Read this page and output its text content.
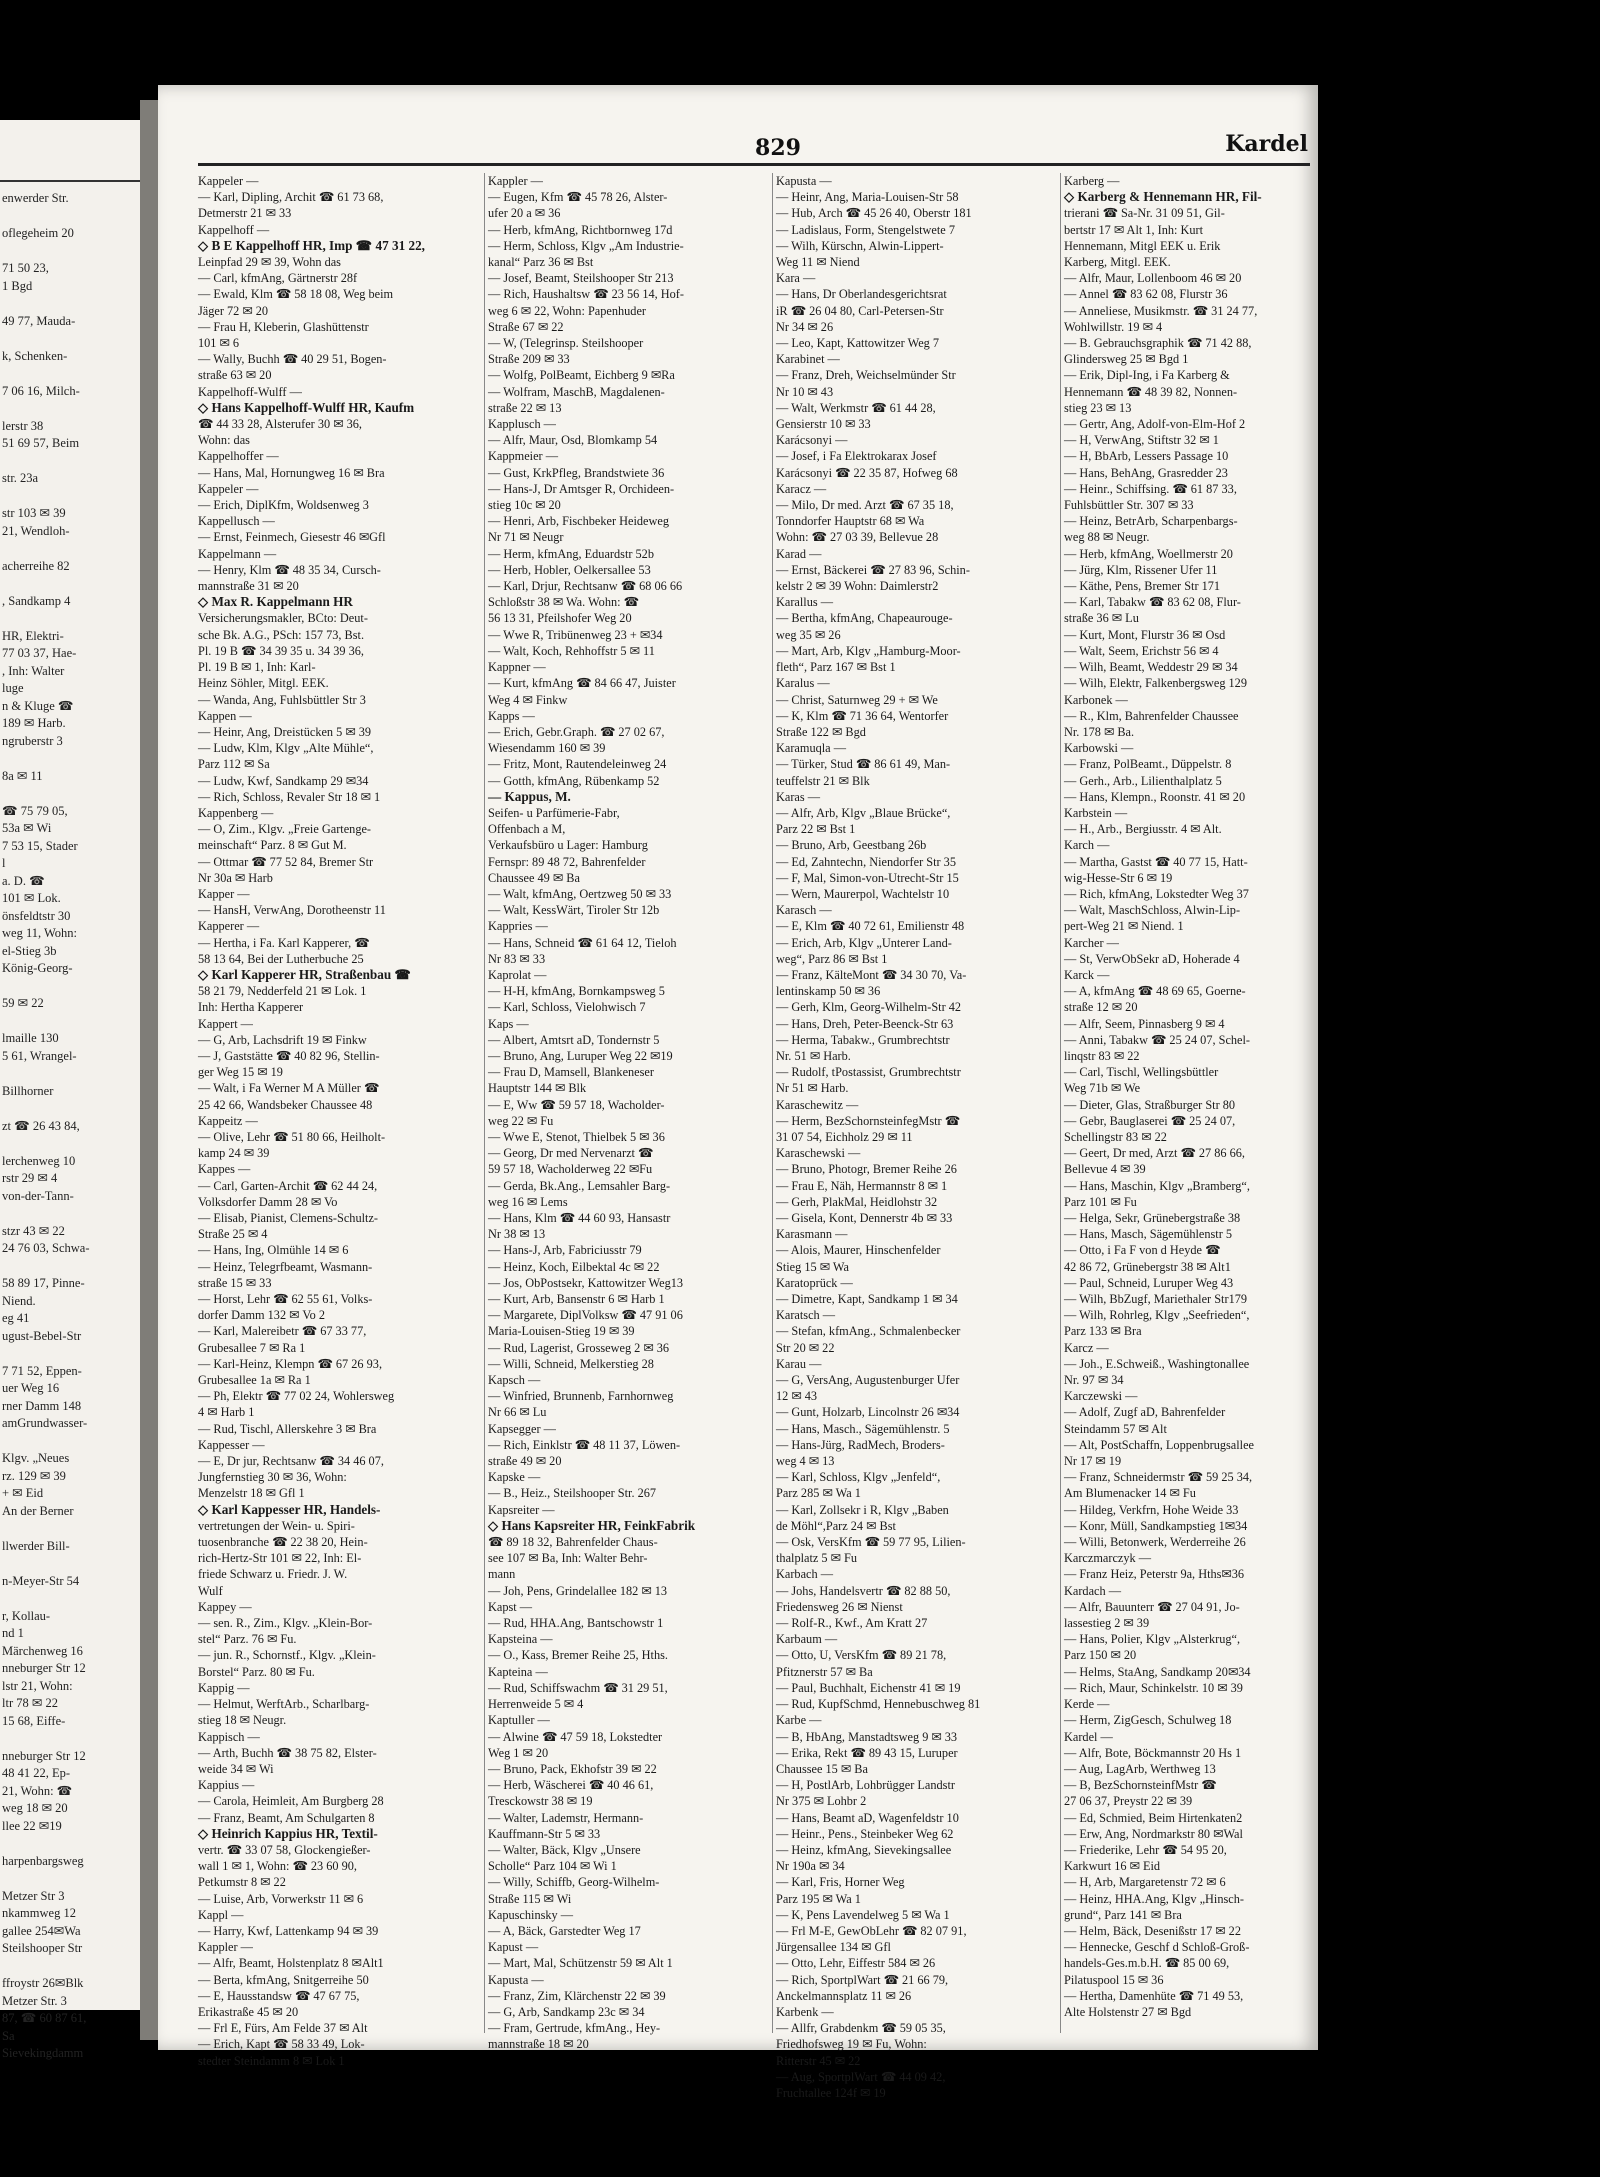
enwerder Str.

oflegeheim 20

71 50 23,
1 Bgd

49 77, Mauda-

k, Schenken-

7 06 16, Milch-

lerstr 38
51 69 57, Beim

str. 23a

str 103 ✉ 39
21, Wendloh-

acherreihe 82

, Sandkamp 4

HR, Elektri-
77 03 37, Hae-
, Inh: Walter
luge
n & Kluge ☎
189 ✉ Harb.
ngruberstr 3

8a ✉ 11

☎ 75 79 05,
53a ✉ Wi
7 53 15, Stader
l
a. D. ☎
101 ✉ Lok.
önsfeldtstr 30
weg 11, Wohn:
el-Stieg 3b
König-Georg-

59 ✉ 22

lmaille 130
5 61, Wrangel-

Billhorner

zt ☎ 26 43 84,

lerchenweg 10
rstr 29 ✉ 4
von-der-Tann-

stzr 43 ✉ 22
24 76 03, Schwa-

58 89 17, Pinne-
Niend.
eg 41
ugust-Bebel-Str

7 71 52, Eppen-
uer Weg 16
rner Damm 148
amGrundwasser-

Klgv. „Neues
rz. 129 ✉ 39
+ ✉ Eid
An der Berner

llwerder Bill-

n-Meyer-Str 54

r, Kollau-
nd 1
Märchenweg 16
nneburger Str 12
lstr 21, Wohn:
ltr 78 ✉ 22
15 68, Eiffe-

nneburger Str 12
48 41 22, Ep-
21, Wohn: ☎
weg 18 ✉ 20
llee 22 ✉19

harpenbargsweg

Metzer Str 3
nkammweg 12
gallee 254✉Wa
Steilshooper Str

ffroystr 26✉Blk
Metzer Str. 3
87, ☎ 60 87 61,
Sa
Sievekingdamm
829	Kardel
Kappeler —
— Karl, Dipling, Archit ☎ 61 73 68,
Detmerstr 21 ✉ 33
Kappelhoff —
◇ B E Kappelhoff HR, Imp ☎ 47 31 22,
Leinpfad 29 ✉ 39, Wohn das
— Carl, kfmAng, Gärtnerstr 28f
— Ewald, Klm ☎ 58 18 08, Weg beim
Jäger 72 ✉ 20
— Frau H, Kleberin, Glashüttenstr
101 ✉ 6
— Wally, Buchh ☎ 40 29 51, Bogen-
straße 63 ✉ 20
Kappelhoff-Wulff —
◇ Hans Kappelhoff-Wulff HR, Kaufm
☎ 44 33 28, Alsterufer 30 ✉ 36,
Wohn: das
Kappelhoffer —
— Hans, Mal, Hornungweg 16 ✉ Bra
Kappeler —
— Erich, DiplKfm, Woldsenweg 3
Kappellusch —
— Ernst, Feinmech, Giesestr 46 ✉Gfl
Kappelmann —
— Henry, Klm ☎ 48 35 34, Cursch-
mannstraße 31 ✉ 20
◇ Max R. Kappelmann HR
Versicherungsmakler, BCto: Deut-
sche Bk. A.G., PSch: 157 73, Bst.
Pl. 19 B ☎ 34 39 35 u. 34 39 36,
Pl. 19 B ✉ 1, Inh: Karl-
Heinz Söhler, Mitgl. EEK.
— Wanda, Ang, Fuhlsbüttler Str 3
Kappen —
— Heinr, Ang, Dreistücken 5 ✉ 39
— Ludw, Klm, Klgv „Alte Mühle“,
Parz 112 ✉ Sa
— Ludw, Kwf, Sandkamp 29 ✉34
— Rich, Schloss, Revaler Str 18 ✉ 1
Kappenberg —
— O, Zim., Klgv. „Freie Gartenge-
meinschaft“ Parz. 8 ✉ Gut M.
— Ottmar ☎ 77 52 84, Bremer Str
Nr 30a ✉ Harb
Kapper —
— HansH, VerwAng, Dorotheenstr 11
Kapperer —
— Hertha, i Fa. Karl Kapperer, ☎
58 13 64, Bei der Lutherbuche 25
◇ Karl Kapperer HR, Straßenbau ☎
58 21 79, Nedderfeld 21 ✉ Lok. 1
Inh: Hertha Kapperer
Kappert —
— G, Arb, Lachsdrift 19 ✉ Finkw
— J, Gaststätte ☎ 40 82 96, Stellin-
ger Weg 15 ✉ 19
— Walt, i Fa Werner M A Müller ☎
25 42 66, Wandsbeker Chaussee 48
Kappeitz —
— Olive, Lehr ☎ 51 80 66, Heilholt-
kamp 24 ✉ 39
Kappes —
— Carl, Garten-Archit ☎ 62 44 24,
Volksdorfer Damm 28 ✉ Vo
— Elisab, Pianist, Clemens-Schultz-
Straße 25 ✉ 4
— Hans, Ing, Olmühle 14 ✉ 6
— Heinz, Telegrfbeamt, Wasmann-
straße 15 ✉ 33
— Horst, Lehr ☎ 62 55 61, Volks-
dorfer Damm 132 ✉ Vo 2
— Karl, Malereibetr ☎ 67 33 77,
Grubesallee 7 ✉ Ra 1
— Karl-Heinz, Klempn ☎ 67 26 93,
Grubesallee 1a ✉ Ra 1
— Ph, Elektr ☎ 77 02 24, Wohlersweg
4 ✉ Harb 1
— Rud, Tischl, Allerskehre 3 ✉ Bra
Kappesser —
— E, Dr jur, Rechtsanw ☎ 34 46 07,
Jungfernstieg 30 ✉ 36, Wohn:
Menzelstr 18 ✉ Gfl 1
◇ Karl Kappesser HR, Handels-
vertretungen der Wein- u. Spiri-
tuosenbranche ☎ 22 38 20, Hein-
rich-Hertz-Str 101 ✉ 22, Inh: El-
friede Schwarz u. Friedr. J. W.
Wulf
Kappey —
— sen. R., Zim., Klgv. „Klein-Bor-
stel“ Parz. 76 ✉ Fu.
— jun. R., Schornstf., Klgv. „Klein-
Borstel“ Parz. 80 ✉ Fu.
Kappig —
— Helmut, WerftArb., Scharlbarg-
stieg 18 ✉ Neugr.
Kappisch —
— Arth, Buchh ☎ 38 75 82, Elster-
weide 34 ✉ Wi
Kappius —
— Carola, Heimleit, Am Burgberg 28
— Franz, Beamt, Am Schulgarten 8
◇ Heinrich Kappius HR, Textil-
vertr. ☎ 33 07 58, Glockengießer-
wall 1 ✉ 1, Wohn: ☎ 23 60 90,
Petkumstr 8 ✉ 22
— Luise, Arb, Vorwerkstr 11 ✉ 6
Kappl —
— Harry, Kwf, Lattenkamp 94 ✉ 39
Kappler —
— Alfr, Beamt, Holstenplatz 8 ✉Alt1
— Berta, kfmAng, Snitgerreihe 50
— E, Hausstandsw ☎ 47 67 75,
Erikastraße 45 ✉ 20
— Frl E, Fürs, Am Felde 37 ✉ Alt
— Erich, Kapt ☎ 58 33 49, Lok-
stedter Steindamm 8 ✉ Lok 1
Kappler —
— Eugen, Kfm ☎ 45 78 26, Alster-
ufer 20 a ✉ 36
— Herb, kfmAng, Richtbornweg 17d
— Herm, Schloss, Klgv „Am Industrie-
kanal“ Parz 36 ✉ Bst
— Josef, Beamt, Steilshooper Str 213
— Rich, Haushaltsw ☎ 23 56 14, Hof-
weg 6 ✉ 22, Wohn: Papenhuder
Straße 67 ✉ 22
— W, (Telegrinsp. Steilshooper
Straße 209 ✉ 33
— Wolfg, PolBeamt, Eichberg 9 ✉Ra
— Wolfram, MaschB, Magdalenen-
straße 22 ✉ 13
Kapplusch —
— Alfr, Maur, Osd, Blomkamp 54
Kappmeier —
— Gust, KrkPfleg, Brandstwiete 36
— Hans-J, Dr Amtsger R, Orchideen-
stieg 10c ✉ 20
— Henri, Arb, Fischbeker Heideweg
Nr 71 ✉ Neugr
— Herm, kfmAng, Eduardstr 52b
— Herb, Hobler, Oelkersallee 53
— Karl, Drjur, Rechtsanw ☎ 68 06 66
Schloßstr 38 ✉ Wa. Wohn: ☎
56 13 31, Pfeilshofer Weg 20
— Wwe R, Tribünenweg 23 + ✉34
— Walt, Koch, Rehhoffstr 5 ✉ 11
Kappner —
— Kurt, kfmAng ☎ 84 66 47, Juister
Weg 4 ✉ Finkw
Kapps —
— Erich, Gebr.Graph. ☎ 27 02 67,
Wiesendamm 160 ✉ 39
— Fritz, Mont, Rautendeleinweg 24
— Gotth, kfmAng, Rübenkamp 52
— Kappus, M.
Seifen- u Parfümerie-Fabr,
Offenbach a M,
Verkaufsbüro u Lager: Hamburg
Fernspr: 89 48 72, Bahrenfelder
Chaussee 49 ✉ Ba
— Walt, kfmAng, Oertzweg 50 ✉ 33
— Walt, KessWärt, Tiroler Str 12b
Kappries —
— Hans, Schneid ☎ 61 64 12, Tieloh
Nr 83 ✉ 33
Kaprolat —
— H-H, kfmAng, Bornkampsweg 5
— Karl, Schloss, Vielohwisch 7
Kaps —
— Albert, Amtsrt aD, Tondernstr 5
— Bruno, Ang, Luruper Weg 22 ✉19
— Frau D, Mamsell, Blankeneser
Hauptstr 144 ✉ Blk
— E, Ww ☎ 59 57 18, Wacholder-
weg 22 ✉ Fu
— Wwe E, Stenot, Thielbek 5 ✉ 36
— Georg, Dr med Nervenarzt ☎
59 57 18, Wacholderweg 22 ✉Fu
— Gerda, Bk.Ang., Lemsahler Barg-
weg 16 ✉ Lems
— Hans, Klm ☎ 44 60 93, Hansastr
Nr 38 ✉ 13
— Hans-J, Arb, Fabriciusstr 79
— Heinz, Koch, Eilbektal 4c ✉ 22
— Jos, ObPostsekr, Kattowitzer Weg13
— Kurt, Arb, Bansenstr 6 ✉ Harb 1
— Margarete, DiplVolksw ☎ 47 91 06
Maria-Louisen-Stieg 19 ✉ 39
— Rud, Lagerist, Grosseweg 2 ✉ 36
— Willi, Schneid, Melkerstieg 28
Kapsch —
— Winfried, Brunnenb, Farnhornweg
Nr 66 ✉ Lu
Kapsegger —
— Rich, Einklstr ☎ 48 11 37, Löwen-
straße 49 ✉ 20
Kapske —
— B., Heiz., Steilshooper Str. 267
Kapsreiter —
◇ Hans Kapsreiter HR, FeinkFabrik
☎ 89 18 32, Bahrenfelder Chaus-
see 107 ✉ Ba, Inh: Walter Behr-
mann
— Joh, Pens, Grindelallee 182 ✉ 13
Kapst —
— Rud, HHA.Ang, Bantschowstr 1
Kapsteina —
— O., Kass, Bremer Reihe 25, Hths.
Kapteina —
— Rud, Schiffswachm ☎ 31 29 51,
Herrenweide 5 ✉ 4
Kaptuller —
— Alwine ☎ 47 59 18, Lokstedter
Weg 1 ✉ 20
— Bruno, Pack, Ekhofstr 39 ✉ 22
— Herb, Wäscherei ☎ 40 46 61,
Tresckowstr 38 ✉ 19
— Walter, Lademstr, Hermann-
Kauffmann-Str 5 ✉ 33
— Walter, Bäck, Klgv „Unsere
Scholle“ Parz 104 ✉ Wi 1
— Willy, Schiffb, Georg-Wilhelm-
Straße 115 ✉ Wi
Kapuschinsky —
— A, Bäck, Garstedter Weg 17
Kapust —
— Mart, Mal, Schützenstr 59 ✉ Alt 1
Kapusta —
— Franz, Zim, Klärchenstr 22 ✉ 39
— G, Arb, Sandkamp 23c ✉ 34
— Fram, Gertrude, kfmAng., Hey-
mannstraße 18 ✉ 20
Kapusta —
— Heinr, Ang, Maria-Louisen-Str 58
— Hub, Arch ☎ 45 26 40, Oberstr 181
— Ladislaus, Form, Stengelstwete 7
— Wilh, Kürschn, Alwin-Lippert-
Weg 11 ✉ Niend
Kara —
— Hans, Dr Oberlandesgerichtsrat
iR ☎ 26 04 80, Carl-Petersen-Str
Nr 34 ✉ 26
— Leo, Kapt, Kattowitzer Weg 7
Karabinet —
— Franz, Dreh, Weichselmünder Str
Nr 10 ✉ 43
— Walt, Werkmstr ☎ 61 44 28,
Gensierstr 10 ✉ 33
Karácsonyi —
— Josef, i Fa Elektrokarax Josef
Karácsonyi ☎ 22 35 87, Hofweg 68
Karacz —
— Milo, Dr med. Arzt ☎ 67 35 18,
Tonndorfer Hauptstr 68 ✉ Wa
Wohn: ☎ 27 03 39, Bellevue 28
Karad —
— Ernst, Bäckerei ☎ 27 83 96, Schin-
kelstr 2 ✉ 39 Wohn: Daimlerstr2
Karallus —
— Bertha, kfmAng, Chapeaurouge-
weg 35 ✉ 26
— Mart, Arb, Klgv „Hamburg-Moor-
fleth“, Parz 167 ✉ Bst 1
Karalus —
— Christ, Saturnweg 29 + ✉ We
— K, Klm ☎ 71 36 64, Wentorfer
Straße 122 ✉ Bgd
Karamuqla —
— Türker, Stud ☎ 86 61 49, Man-
teuffelstr 21 ✉ Blk
Karas —
— Alfr, Arb, Klgv „Blaue Brücke“,
Parz 22 ✉ Bst 1
— Bruno, Arb, Geestbang 26b
— Ed, Zahntechn, Niendorfer Str 35
— F, Mal, Simon-von-Utrecht-Str 15
— Wern, Maurerpol, Wachtelstr 10
Karasch —
— E, Klm ☎ 40 72 61, Emilienstr 48
— Erich, Arb, Klgv „Unterer Land-
weg“, Parz 86 ✉ Bst 1
— Franz, KälteMont ☎ 34 30 70, Va-
lentinskamp 50 ✉ 36
— Gerh, Klm, Georg-Wilhelm-Str 42
— Hans, Dreh, Peter-Beenck-Str 63
— Herma, Tabakw., Grumbrechtstr
Nr. 51 ✉ Harb.
— Rudolf, tPostassist, Grumbrechtstr
Nr 51 ✉ Harb.
Karaschewitz —
— Herm, BezSchornsteinfegMstr ☎
31 07 54, Eichholz 29 ✉ 11
Karaschewski —
— Bruno, Photogr, Bremer Reihe 26
— Frau E, Näh, Hermannstr 8 ✉ 1
— Gerh, PlakMal, Heidlohstr 32
— Gisela, Kont, Dennerstr 4b ✉ 33
Karasmann —
— Alois, Maurer, Hinschenfelder
Stieg 15 ✉ Wa
Karatoprück —
— Dimetre, Kapt, Sandkamp 1 ✉ 34
Karatsch —
— Stefan, kfmAng., Schmalenbecker
Str 20 ✉ 22
Karau —
— G, VersAng, Augustenburger Ufer
12 ✉ 43
— Gunt, Holzarb, Lincolnstr 26 ✉34
— Hans, Masch., Sägemühlenstr. 5
— Hans-Jürg, RadMech, Broders-
weg 4 ✉ 13
— Karl, Schloss, Klgv „Jenfeld“,
Parz 285 ✉ Wa 1
— Karl, Zollsekr i R, Klgv „Baben
de Möhl“,Parz 24 ✉ Bst
— Osk, VersKfm ☎ 59 77 95, Lilien-
thalplatz 5 ✉ Fu
Karbach —
— Johs, Handelsvertr ☎ 82 88 50,
Friedensweg 26 ✉ Nienst
— Rolf-R., Kwf., Am Kratt 27
Karbaum —
— Otto, U, VersKfm ☎ 89 21 78,
Pfitznerstr 57 ✉ Ba
— Paul, Buchhalt, Eichenstr 41 ✉ 19
— Rud, KupfSchmd, Hennebuschweg 81
Karbe —
— B, HbAng, Manstadtsweg 9 ✉ 33
— Erika, Rekt ☎ 89 43 15, Luruper
Chaussee 15 ✉ Ba
— H, PostlArb, Lohbrügger Landstr
Nr 375 ✉ Lohbr 2
— Hans, Beamt aD, Wagenfeldstr 10
— Heinr., Pens., Steinbeker Weg 62
— Heinz, kfmAng, Sievekingsallee
Nr 190a ✉ 34
— Karl, Fris, Horner Weg
Parz 195 ✉ Wa 1
— K, Pens Lavendelweg 5 ✉ Wa 1
— Frl M-E, GewObLehr ☎ 82 07 91,
Jürgensallee 134 ✉ Gfl
— Otto, Lehr, Eiffestr 584 ✉ 26
— Rich, SportplWart ☎ 21 66 79,
Anckelmannsplatz 11 ✉ 26
Karbenk —
— Allfr, Grabdenkm ☎ 59 05 35,
Friedhofsweg 19 ✉ Fu, Wohn:
Ritterstr 45 ✉ 22
— Aug, SportplWart ☎ 44 09 42,
Fruchtallee 124f ✉ 19
Karberg —
◇ Karberg & Hennemann HR, Fil-
trierani ☎ Sa-Nr. 31 09 51, Gil-
bertstr 17 ✉ Alt 1, Inh: Kurt
Hennemann, Mitgl EEK u. Erik
Karberg, Mitgl. EEK.
— Alfr, Maur, Lollenboom 46 ✉ 20
— Annel ☎ 83 62 08, Flurstr 36
— Anneliese, Musikmstr. ☎ 31 24 77,
Wohlwillstr. 19 ✉ 4
— B. Gebrauchsgraphik ☎ 71 42 88,
Glindersweg 25 ✉ Bgd 1
— Erik, Dipl-Ing, i Fa Karberg &
Hennemann ☎ 48 39 82, Nonnen-
stieg 23 ✉ 13
— Gertr, Ang, Adolf-von-Elm-Hof 2
— H, VerwAng, Stiftstr 32 ✉ 1
— H, BbArb, Lessers Passage 10
— Hans, BehAng, Grasredder 23
— Heinr., Schiffsing. ☎ 61 87 33,
Fuhlsbüttler Str. 307 ✉ 33
— Heinz, BetrArb, Scharpenbargs-
weg 88 ✉ Neugr.
— Herb, kfmAng, Woellmerstr 20
— Jürg, Klm, Rissener Ufer 11
— Käthe, Pens, Bremer Str 171
— Karl, Tabakw ☎ 83 62 08, Flur-
straße 36 ✉ Lu
— Kurt, Mont, Flurstr 36 ✉ Osd
— Walt, Seem, Erichstr 56 ✉ 4
— Wilh, Beamt, Weddestr 29 ✉ 34
— Wilh, Elektr, Falkenbergsweg 129
Karbonek —
— R., Klm, Bahrenfelder Chaussee
Nr. 178 ✉ Ba.
Karbowski —
— Franz, PolBeamt., Düppelstr. 8
— Gerh., Arb., Lilienthalplatz 5
— Hans, Klempn., Roonstr. 41 ✉ 20
Karbstein —
— H., Arb., Bergiusstr. 4 ✉ Alt.
Karch —
— Martha, Gastst ☎ 40 77 15, Hatt-
wig-Hesse-Str 6 ✉ 19
— Rich, kfmAng, Lokstedter Weg 37
— Walt, MaschSchloss, Alwin-Lip-
pert-Weg 21 ✉ Niend. 1
Karcher —
— St, VerwObSekr aD, Hoherade 4
Karck —
— A, kfmAng ☎ 48 69 65, Goerne-
straße 12 ✉ 20
— Alfr, Seem, Pinnasberg 9 ✉ 4
— Anni, Tabakw ☎ 25 24 07, Schel-
linqstr 83 ✉ 22
— Carl, Tischl, Wellingsbüttler
Weg 71b ✉ We
— Dieter, Glas, Straßburger Str 80
— Gebr, Bauglaserei ☎ 25 24 07,
Schellingstr 83 ✉ 22
— Geert, Dr med, Arzt ☎ 27 86 66,
Bellevue 4 ✉ 39
— Hans, Maschin, Klgv „Bramberg“,
Parz 101 ✉ Fu
— Helga, Sekr, Grünebergstraße 38
— Hans, Masch, Sägemühlenstr 5
— Otto, i Fa F von d Heyde ☎
42 86 72, Grünebergstr 38 ✉ Alt1
— Paul, Schneid, Luruper Weg 43
— Wilh, BbZugf, Mariethaler Str179
— Wilh, Rohrleg, Klgv „Seefrieden“,
Parz 133 ✉ Bra
Karcz —
— Joh., E.Schweiß., Washingtonallee
Nr. 97 ✉ 34
Karczewski —
— Adolf, Zugf aD, Bahrenfelder
Steindamm 57 ✉ Alt
— Alt, PostSchaffn, Loppenbrugsallee
Nr 17 ✉ 19
— Franz, Schneidermstr ☎ 59 25 34,
Am Blumenacker 14 ✉ Fu
— Hildeg, Verkfrn, Hohe Weide 33
— Konr, Müll, Sandkampstieg 1✉34
— Willi, Betonwerk, Werderreihe 26
Karczmarczyk —
— Franz Heiz, Peterstr 9a, Hths✉36
Kardach —
— Alfr, Bauunterr ☎ 27 04 91, Jo-
lassestieg 2 ✉ 39
— Hans, Polier, Klgv „Alsterkrug“,
Parz 150 ✉ 20
— Helms, StaAng, Sandkamp 20✉34
— Rich, Maur, Schinkelstr. 10 ✉ 39
Kerde —
— Herm, ZigGesch, Schulweg 18
Kardel —
— Alfr, Bote, Böckmannstr 20 Hs 1
— Aug, LagArb, Werthweg 13
— B, BezSchornsteinfMstr ☎
27 06 37, Preystr 22 ✉ 39
— Ed, Schmied, Beim Hirtenkaten2
— Erw, Ang, Nordmarkstr 80 ✉Wal
— Friederike, Lehr ☎ 54 95 20,
Karkwurt 16 ✉ Eid
— H, Arb, Margaretenstr 72 ✉ 6
— Heinz, HHA.Ang, Klgv „Hinsch-
grund“, Parz 141 ✉ Bra
— Helm, Bäck, Desenißstr 17 ✉ 22
— Hennecke, Geschf d Schloß-Groß-
handels-Ges.m.b.H. ☎ 85 00 69,
Pilatuspool 15 ✉ 36
— Hertha, Damenhüte ☎ 71 49 53,
Alte Holstenstr 27 ✉ Bgd
